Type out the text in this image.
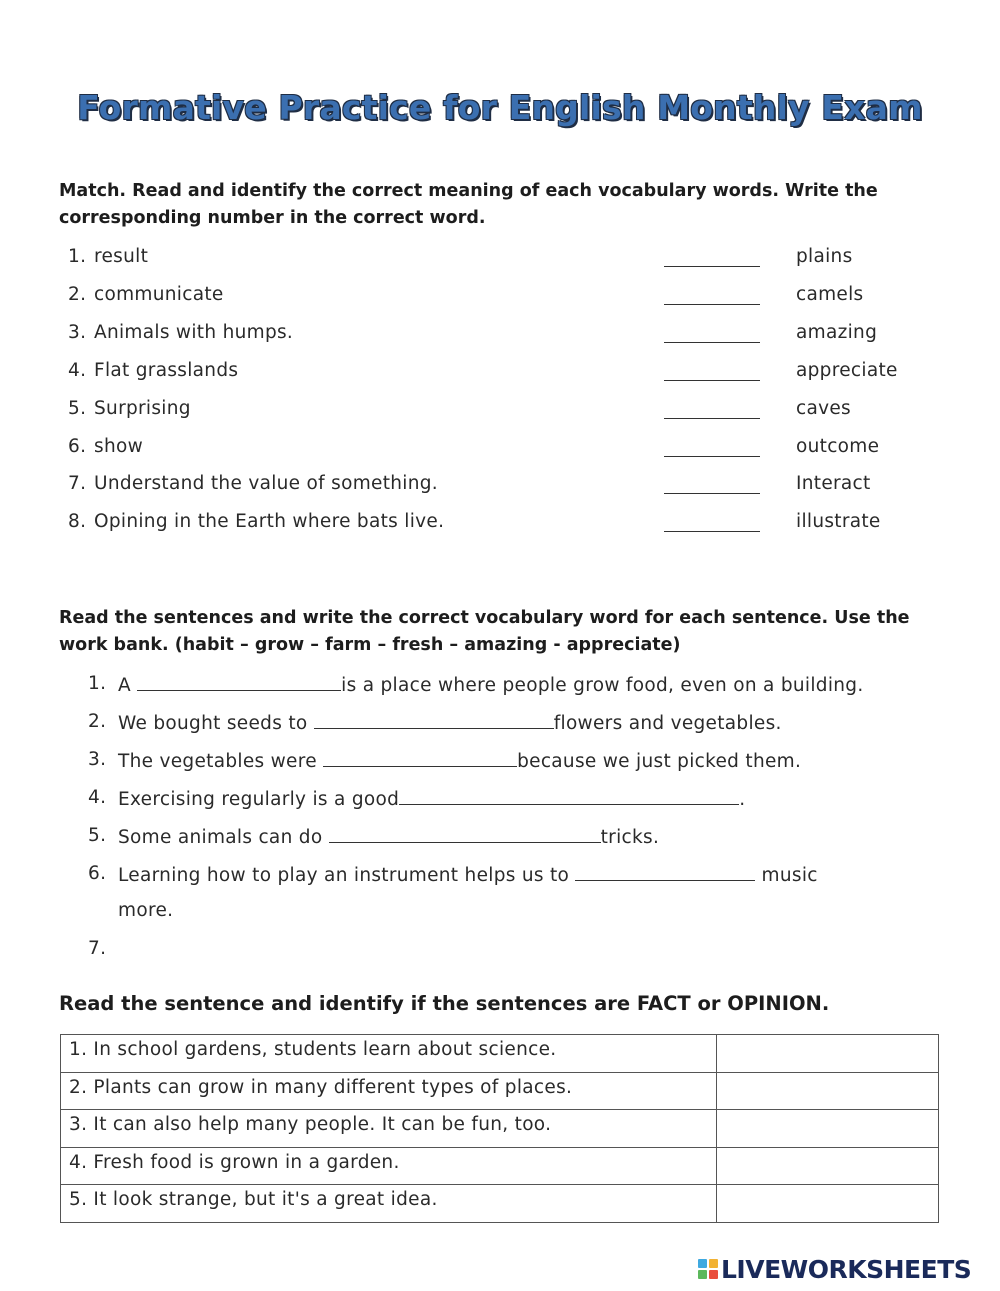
Formative Practice for English Monthly Exam
Match. Read and identify the correct meaning of each vocabulary words. Write the corresponding number in the correct word.
1. result	plains
2. communicate	camels
3. Animals with humps.	amazing
4. Flat grasslands	appreciate
5. Surprising	caves
6. show	outcome
7. Understand the value of something.	Interact
8. Opining in the Earth where bats live.	illustrate
Read the sentences and write the correct vocabulary word for each sentence. Use the work bank. (habit – grow – farm – fresh – amazing - appreciate)
1. A	is a place where people grow food, even on a building.
2. We bought seeds to	flowers and vegetables.
3. The vegetables were	because we just picked them.
4. Exercising regularly is a good	.
5. Some animals can do	tricks.
6. Learning how to play an instrument helps us to	music
more.
7.
Read the sentence and identify if the sentences are FACT or OPINION.
1. In school gardens, students learn about science.	
2. Plants can grow in many different types of places.	
3. It can also help many people. It can be fun, too.	
4. Fresh food is grown in a garden.	
5. It look strange, but it's a great idea.	
LIVEWORKSHEETS
